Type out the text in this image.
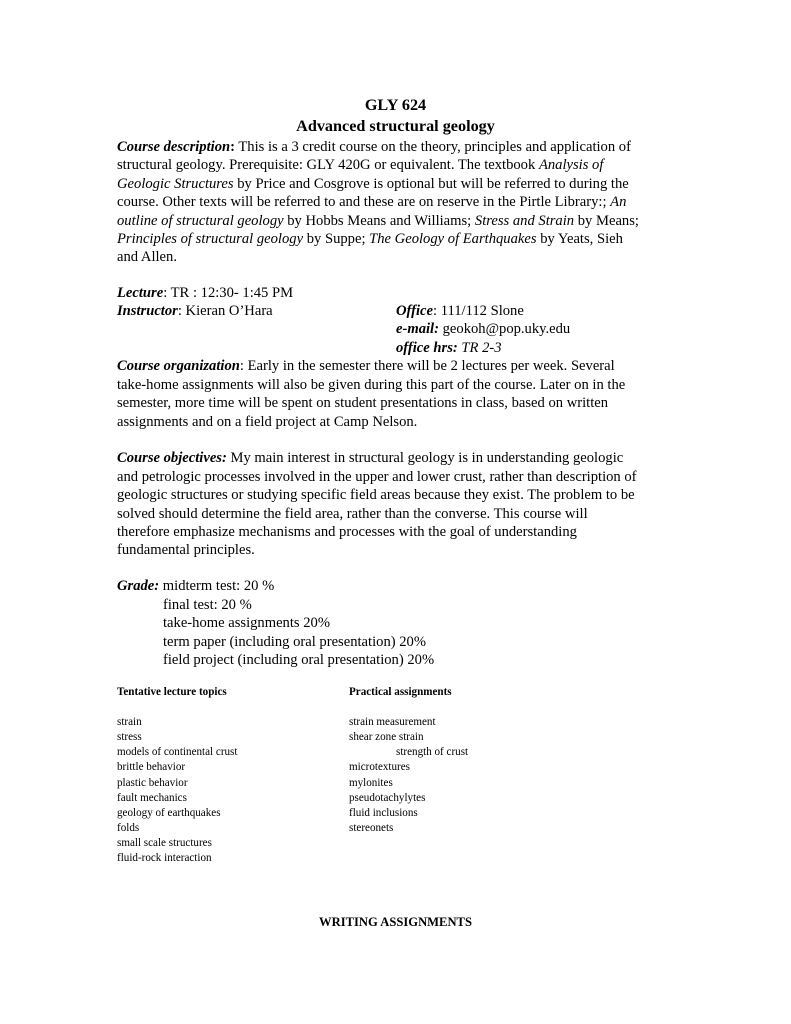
GLY 624
Advanced structural geology
Course description: This is a 3 credit course on the theory, principles and application of
structural geology. Prerequisite: GLY 420G or equivalent. The textbook Analysis of
Geologic Structures by Price and Cosgrove is optional but will be referred to during the
course. Other texts will be referred to and these are on reserve in the Pirtle Library:; An
outline of structural geology by Hobbs Means and Williams; Stress and Strain by Means;
Principles of structural geology by Suppe; The Geology of Earthquakes by Yeats, Sieh
and Allen.
Lecture: TR : 12:30- 1:45 PM
Instructor: Kieran O’Hara	Office: 111/112 Slone
e-mail: geokoh@pop.uky.edu
office hrs: TR 2-3
Course organization: Early in the semester there will be 2 lectures per week. Several
take-home assignments will also be given during this part of the course. Later on in the
semester, more time will be spent on student presentations in class, based on written
assignments and on a field project at Camp Nelson.
Course objectives: My main interest in structural geology is in understanding geologic
and petrologic processes involved in the upper and lower crust, rather than description of
geologic structures or studying specific field areas because they exist. The problem to be
solved should determine the field area, rather than the converse. This course will
therefore emphasize mechanisms and processes with the goal of understanding
fundamental principles.
Grade: midterm test: 20 %
final test: 20 %
take-home assignments 20%
term paper (including oral presentation) 20%
field project (including oral presentation) 20%
Tentative lecture topics	Practical assignments
strain
stress
models of continental crust
brittle behavior
plastic behavior
fault mechanics
geology of earthquakes
folds
small scale structures
fluid-rock interaction
strain measurement
shear zone strain
strength of crust
microtextures
mylonites
pseudotachylytes
fluid inclusions
stereonets
WRITING ASSIGNMENTS
